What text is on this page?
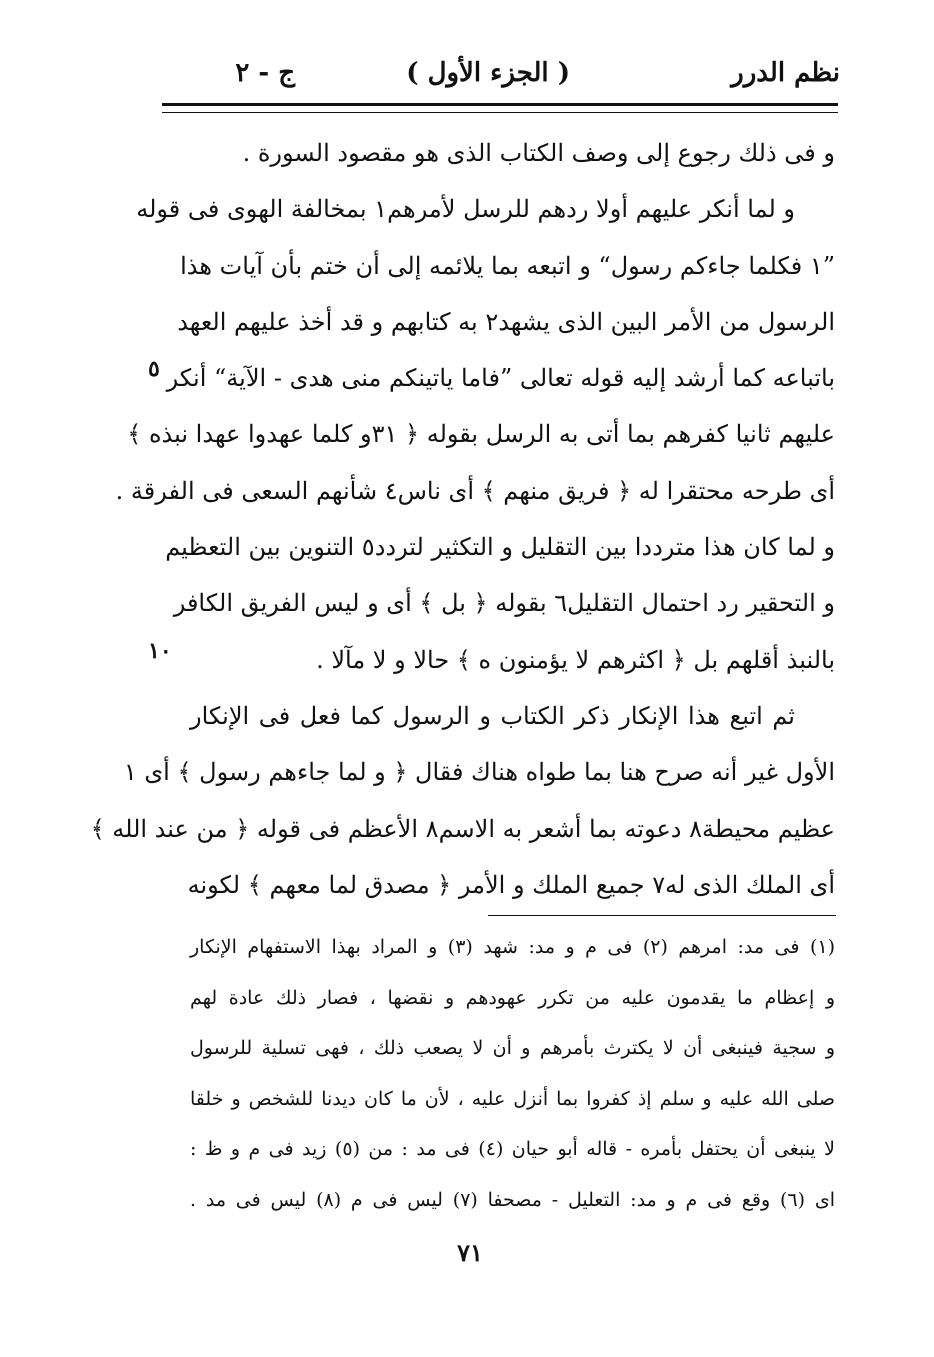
نظم الدرر
( الجزء الأول )
ج - ٢
و فى ذلك رجوع إلى وصف الكتاب الذى هو مقصود السورة .
و لما أنكر عليهم أولا ردهم للرسل لأمرهم١ بمخالفة الهوى فى قوله
”١ فكلما جاءكم رسول“ و اتبعه بما يلائمه إلى أن ختم بأن آيات هذا
الرسول من الأمر البين الذى يشهد٢ به كتابهم و قد أخذ عليهم العهد
باتباعه كما أرشد إليه قوله تعالى ”فاما ياتينكم منى هدى - الآية“ أنكر
عليهم ثانيا كفرهم بما أتى به الرسل بقوله ﴿ ٣١و كلما عهدوا عهدا نبذه ﴾
أى طرحه محتقرا له ﴿ فريق منهم ﴾ أى ناس٤ شأنهم السعى فى الفرقة .
و لما كان هذا مترددا بين التقليل و التكثير لتردد٥ التنوين بين التعظيم
و التحقير رد احتمال التقليل٦ بقوله ﴿ بل ﴾ أى و ليس الفريق الكافر
بالنبذ أقلهم بل ﴿ اكثرهم لا يؤمنون ه ﴾ حالا و لا مآلا .
ثم اتبع هذا الإنكار ذكر الكتاب و الرسول كما فعل فى الإنكار
الأول غير أنه صرح هنا بما طواه هناك فقال ﴿ و لما جاءهم رسول ﴾ أى ١
عظيم محيطة٨ دعوته بما أشعر به الاسم٨ الأعظم فى قوله ﴿ من عند الله ﴾
أى الملك الذى له٧ جميع الملك و الأمر ﴿ مصدق لما معهم ﴾ لكونه
٥
١٠
(١) فى مد: امرهم (٢) فى م و مد: شهد (٣) و المراد بهذا الاستفهام الإنكار
و إعظام ما يقدمون عليه من تكرر عهودهم و نقضها ، فصار ذلك عادة لهم
و سجية فينبغى أن لا يكترث بأمرهم و أن لا يصعب ذلك ، فهى تسلية للرسول
صلى الله عليه و سلم إذ كفروا بما أنزل عليه ، لأن ما كان ديدنا للشخص و خلقا
لا ينبغى أن يحتفل بأمره - قاله أبو حيان (٤) فى مد : من (٥) زيد فى م و ظ :
اى (٦) وقع فى م و مد: التعليل - مصحفا (٧) ليس فى م (٨) ليس فى مد .
٧١
